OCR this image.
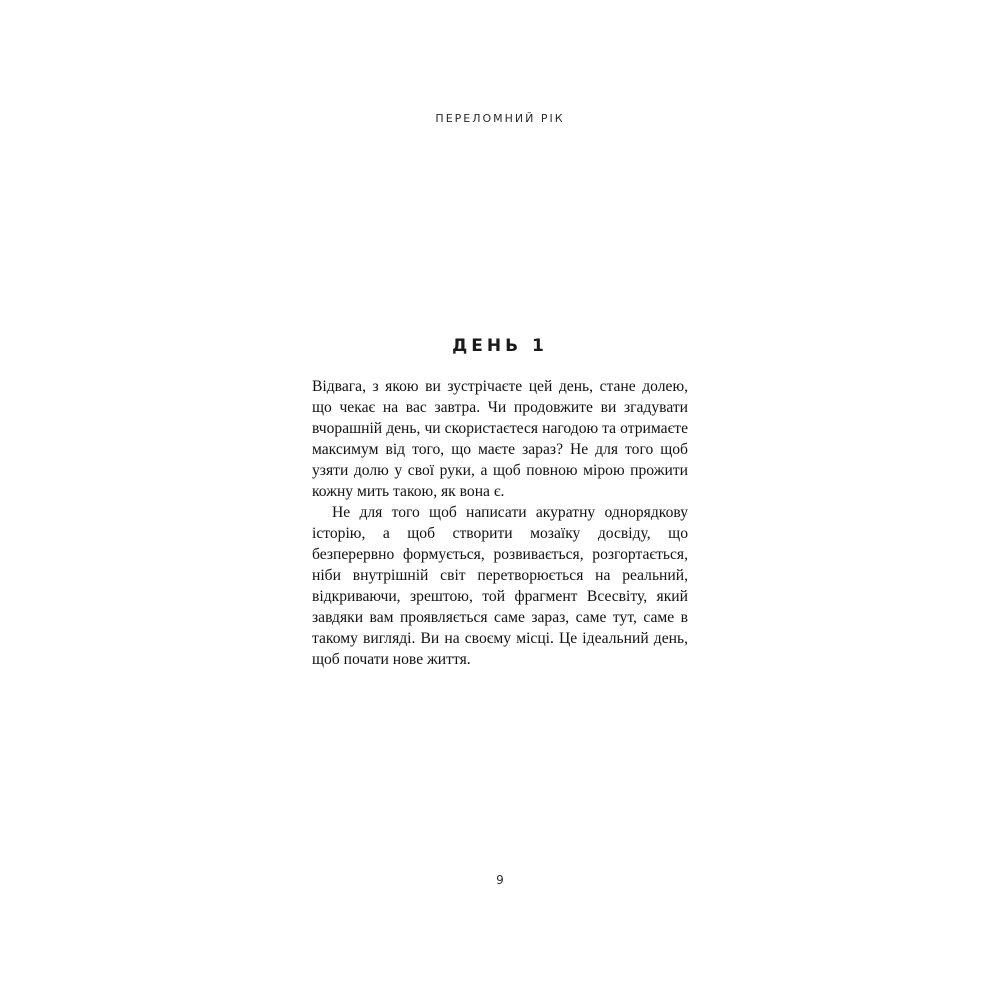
ПЕРЕЛОМНИЙ РІК
ДЕНЬ 1

Відвага, з якою ви зустрічаєте цей день, стане долею, що чекає на вас завтра. Чи продовжите ви згадувати вчорашній день, чи скористаєтеся нагодою та отримаєте максимум від того, що маєте зараз? Не для того щоб узяти долю у свої руки, а щоб повною мірою прожити кожну мить такою, як вона є.

Не для того щоб написати акуратну однорядкову історію, а щоб створити мозаїку досвіду, що безперервно формується, розвивається, розгортається, ніби внутрішній світ перетворюється на реальний, відкриваючи, зрештою, той фрагмент Всесвіту, який завдяки вам проявляється саме зараз, саме тут, саме в такому вигляді. Ви на своєму місці. Це ідеальний день, щоб почати нове життя.

9
